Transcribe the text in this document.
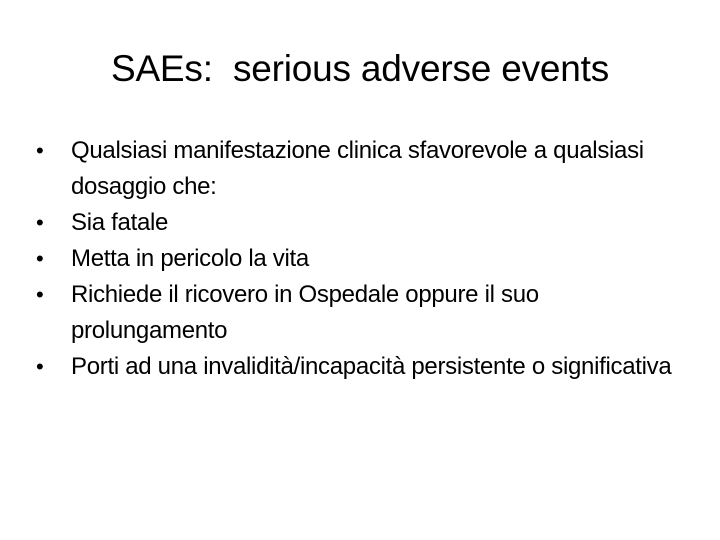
SAEs:  serious adverse events
•	Qualsiasi manifestazione clinica sfavorevole a qualsiasi dosaggio che:
•	Sia fatale
•	Metta in pericolo la vita
•	Richiede il ricovero in Ospedale oppure il suo prolungamento
•	Porti ad una invalidità/incapacità persistente o significativa
